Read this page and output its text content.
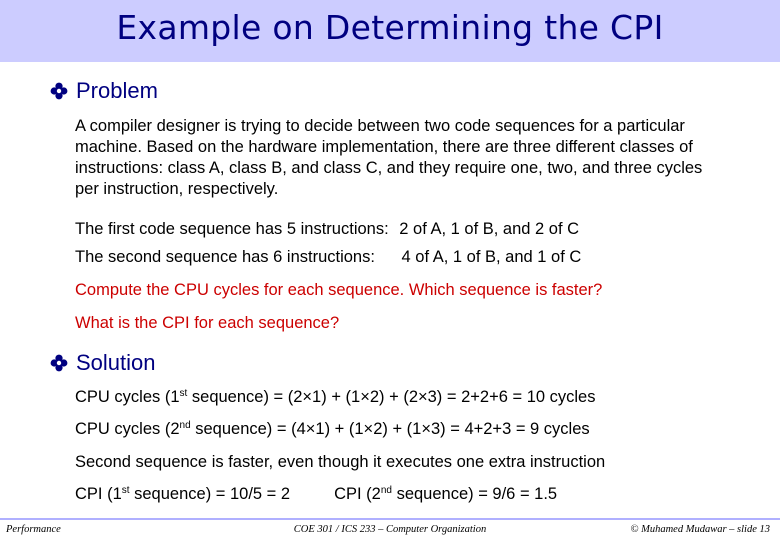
Example on Determining the CPI
Problem
A compiler designer is trying to decide between two code sequences for a particular machine. Based on the hardware implementation, there are three different classes of instructions: class A, class B, and class C, and they require one, two, and three cycles per instruction, respectively.
The first code sequence has 5 instructions: 2 of A, 1 of B, and 2 of C
The second sequence has 6 instructions: 4 of A, 1 of B, and 1 of C
Compute the CPU cycles for each sequence. Which sequence is faster?
What is the CPI for each sequence?
Solution
CPU cycles (1st sequence) = (2×1) + (1×2) + (2×3) = 2+2+6 = 10 cycles
CPU cycles (2nd sequence) = (4×1) + (1×2) + (1×3) = 4+2+3 = 9 cycles
Second sequence is faster, even though it executes one extra instruction
CPI (1st sequence) = 10/5 = 2	CPI (2nd sequence) = 9/6 = 1.5
Performance	COE 301 / ICS 233 – Computer Organization	© Muhamed Mudawar – slide 13
